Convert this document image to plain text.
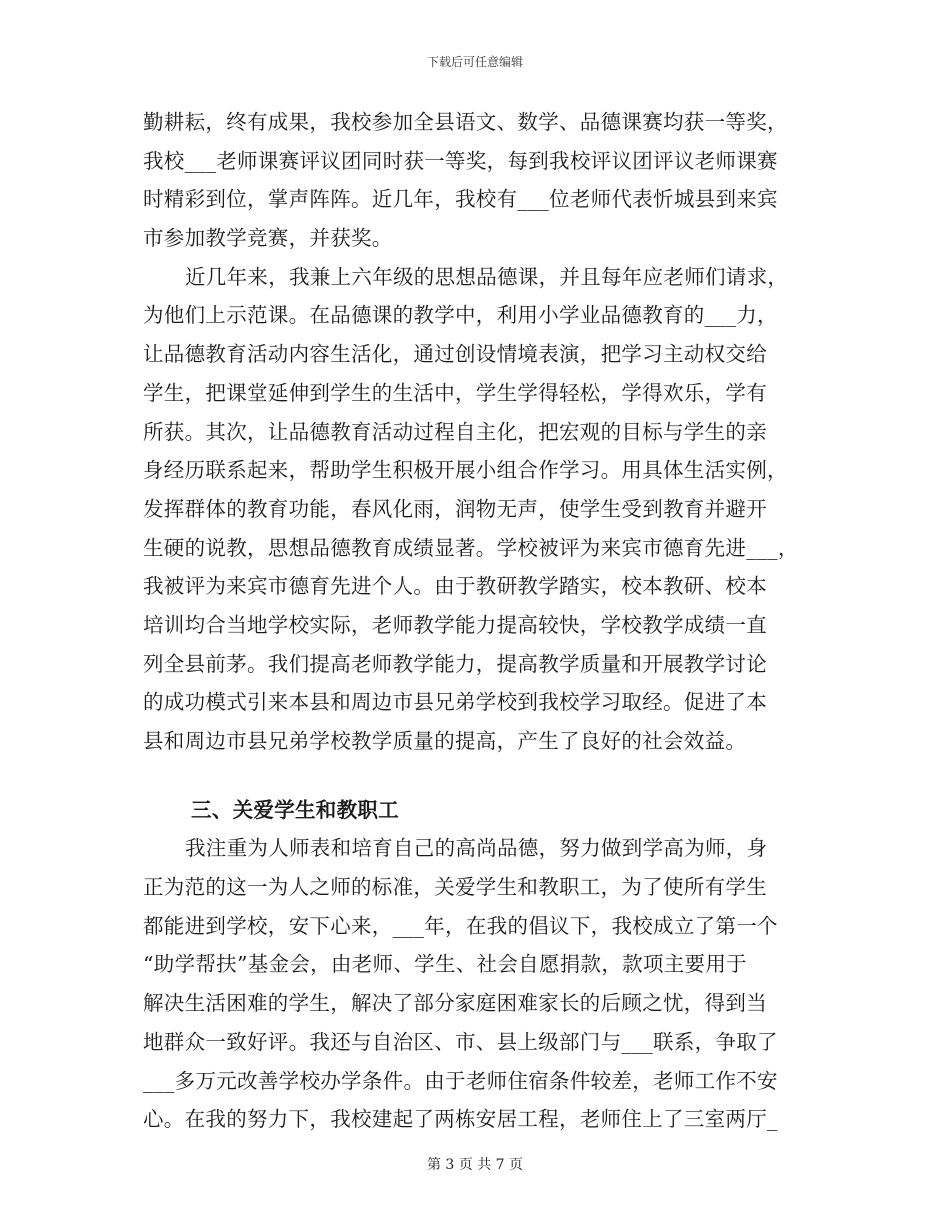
下载后可任意编辑
勤耕耘，终有成果，我校参加全县语文、数学、品德课赛均获一等奖，
我校___老师课赛评议团同时获一等奖，每到我校评议团评议老师课赛
时精彩到位，掌声阵阵。近几年，我校有___位老师代表忻城县到来宾
市参加教学竞赛，并获奖。
近几年来，我兼上六年级的思想品德课，并且每年应老师们请求，
为他们上示范课。在品德课的教学中，利用小学业品德教育的___力，
让品德教育活动内容生活化，通过创设情境表演，把学习主动权交给
学生，把课堂延伸到学生的生活中，学生学得轻松，学得欢乐，学有
所获。其次，让品德教育活动过程自主化，把宏观的目标与学生的亲
身经历联系起来，帮助学生积极开展小组合作学习。用具体生活实例，
发挥群体的教育功能，春风化雨，润物无声，使学生受到教育并避开
生硬的说教，思想品德教育成绩显著。学校被评为来宾市德育先进___，
我被评为来宾市德育先进个人。由于教研教学踏实，校本教研、校本
培训均合当地学校实际，老师教学能力提高较快，学校教学成绩一直
列全县前茅。我们提高老师教学能力，提高教学质量和开展教学讨论
的成功模式引来本县和周边市县兄弟学校到我校学习取经。促进了本
县和周边市县兄弟学校教学质量的提高，产生了良好的社会效益。
三、关爱学生和教职工
我注重为人师表和培育自己的高尚品德，努力做到学高为师，身
正为范的这一为人之师的标准，关爱学生和教职工，为了使所有学生
都能进到学校，安下心来，___年，在我的倡议下，我校成立了第一个
“助学帮扶”基金会，由老师、学生、社会自愿捐款，款项主要用于
解决生活困难的学生，解决了部分家庭困难家长的后顾之忧，得到当
地群众一致好评。我还与自治区、市、县上级部门与___联系，争取了
___多万元改善学校办学条件。由于老师住宿条件较差，老师工作不安
心。在我的努力下，我校建起了两栋安居工程，老师住上了三室两厅_
第 3 页 共 7 页
